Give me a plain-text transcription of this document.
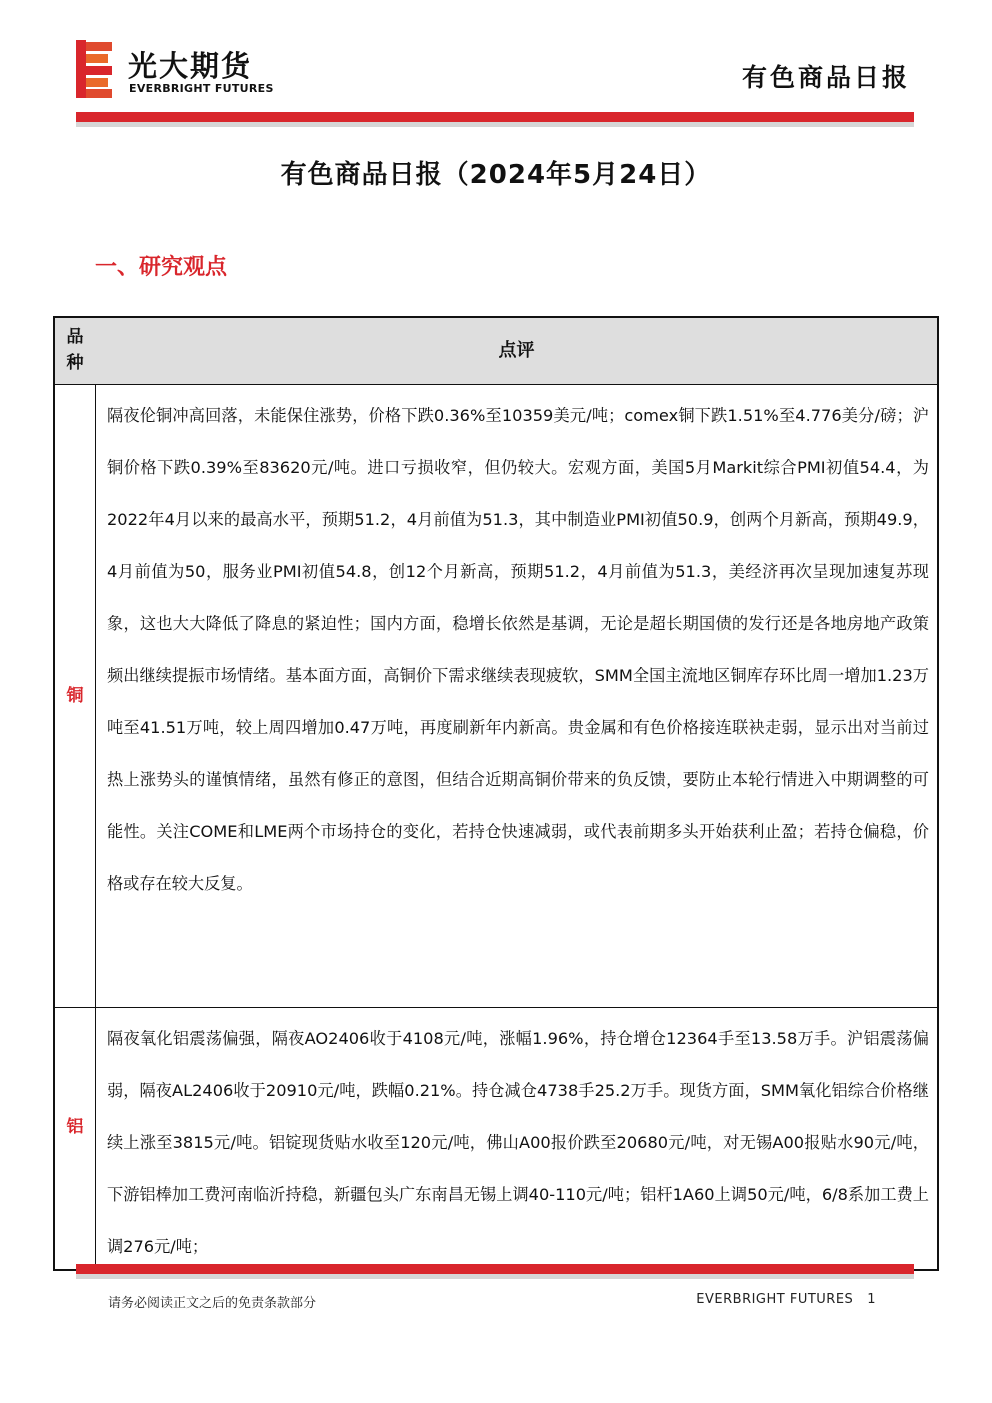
光大期货
EVERBRIGHT FUTURES	有色商品日报
有色商品日报（2024年5月24日）
一、研究观点
品种
点评
铜
隔夜伦铜冲高回落，未能保住涨势，价格下跌0.36%至10359美元/吨；comex铜下跌1.51%至4.776美分/磅；沪铜价格下跌0.39%至83620元/吨。进口亏损收窄，但仍较大。宏观方面，美国5月Markit综合PMI初值54.4，为2022年4月以来的最高水平，预期51.2，4月前值为51.3，其中制造业PMI初值50.9，创两个月新高，预期49.9，4月前值为50，服务业PMI初值54.8，创12个月新高，预期51.2，4月前值为51.3，美经济再次呈现加速复苏现象，这也大大降低了降息的紧迫性；国内方面，稳增长依然是基调，无论是超长期国债的发行还是各地房地产政策频出继续提振市场情绪。基本面方面，高铜价下需求继续表现疲软，SMM全国主流地区铜库存环比周一增加1.23万吨至41.51万吨，较上周四增加0.47万吨，再度刷新年内新高。贵金属和有色价格接连联袂走弱，显示出对当前过热上涨势头的谨慎情绪，虽然有修正的意图，但结合近期高铜价带来的负反馈，要防止本轮行情进入中期调整的可能性。关注COME和LME两个市场持仓的变化，若持仓快速减弱，或代表前期多头开始获利止盈；若持仓偏稳，价格或存在较大反复。
铝
隔夜氧化铝震荡偏强，隔夜AO2406收于4108元/吨，涨幅1.96%，持仓增仓12364手至13.58万手。沪铝震荡偏弱，隔夜AL2406收于20910元/吨，跌幅0.21%。持仓减仓4738手25.2万手。现货方面，SMM氧化铝综合价格继续上涨至3815元/吨。铝锭现货贴水收至120元/吨，佛山A00报价跌至20680元/吨，对无锡A00报贴水90元/吨，下游铝棒加工费河南临沂持稳，新疆包头广东南昌无锡上调40-110元/吨；铝杆1A60上调50元/吨，6/8系加工费上调276元/吨；
请务必阅读正文之后的免责条款部分	EVERBRIGHT FUTURES 1
